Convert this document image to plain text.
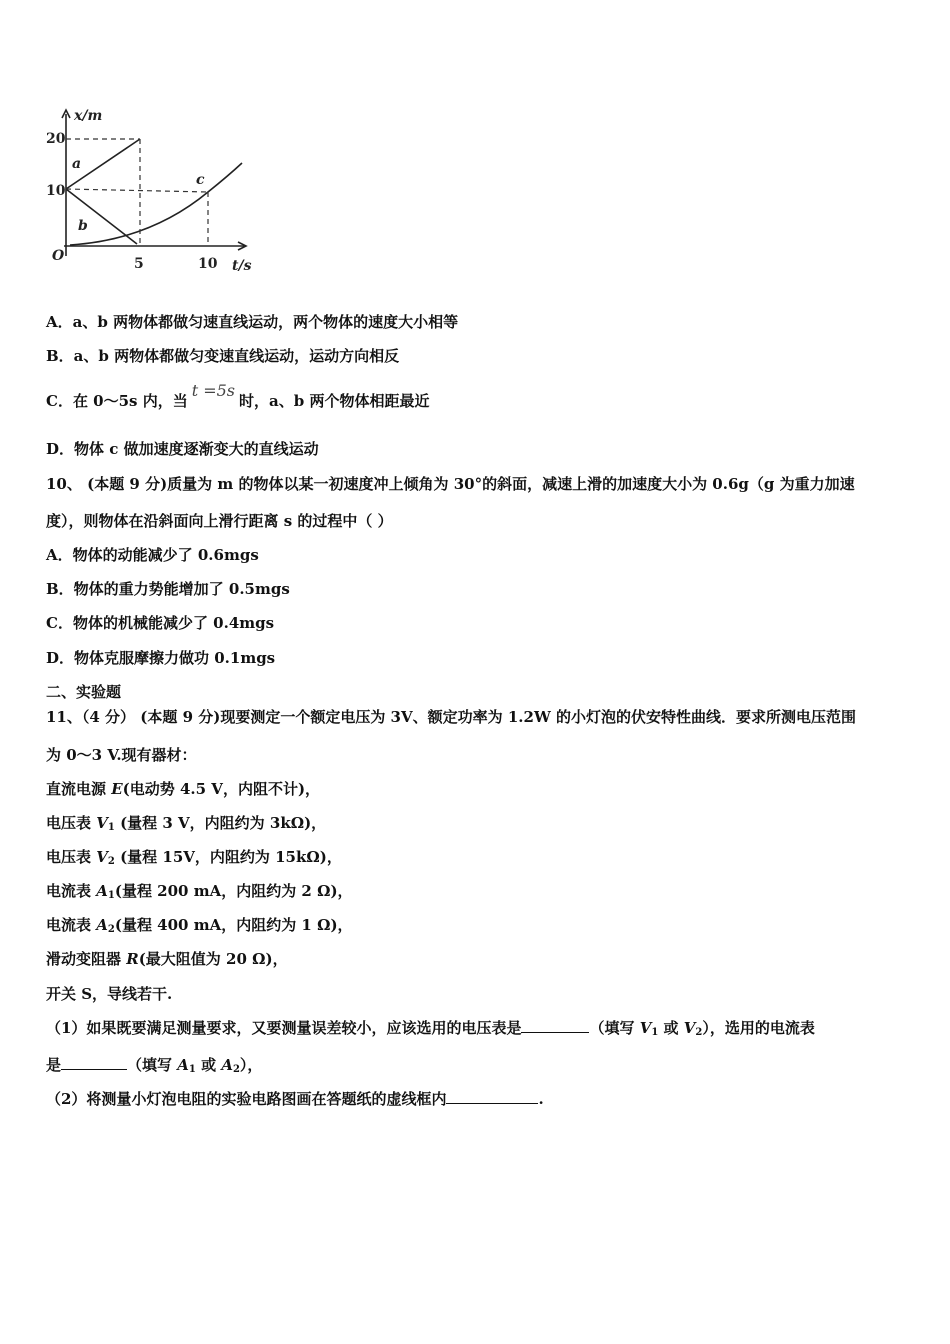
x/m
t/s
O
20
10
5	10
a
b
c
A．a、b 两物体都做匀速直线运动，两个物体的速度大小相等
B．a、b 两物体都做匀变速直线运动，运动方向相反
C．在 0～5s 内，当t =5s时，a、b 两个物体相距最近
D．物体 c 做加速度逐渐变大的直线运动
10、 (本题 9 分)质量为 m 的物体以某一初速度冲上倾角为 30°的斜面，减速上滑的加速度大小为 0.6g（g 为重力加速
度），则物体在沿斜面向上滑行距离 s 的过程中（ ）
A．物体的动能减少了 0.6mgs
B．物体的重力势能增加了 0.5mgs
C．物体的机械能减少了 0.4mgs
D．物体克服摩擦力做功 0.1mgs
二、实验题
11、（4 分） (本题 9 分)现要测定一个额定电压为 3V、额定功率为 1.2W 的小灯泡的伏安特性曲线．要求所测电压范围
为 0～3 V.现有器材：
直流电源 E(电动势 4.5 V，内阻不计)，
电压表 $V_1$ (量程 3 V，内阻约为 3kΩ)，
电压表 $V_2$ (量程 15V，内阻约为 15kΩ)，
电流表 $A_1$(量程 200 mA，内阻约为 2 Ω)，
电流表 $A_2$(量程 400 mA，内阻约为 1 Ω)，
滑动变阻器 R(最大阻值为 20 Ω)，
开关 S，导线若干.
（1）如果既要满足测量要求，又要测量误差较小，应该选用的电压表是	（填写 $V_1$ 或 $V_2$），选用的电流表
是	（填写 $A_1$ 或 $A_2$），
（2）将测量小灯泡电阻的实验电路图画在答题纸的虚线框内	.
